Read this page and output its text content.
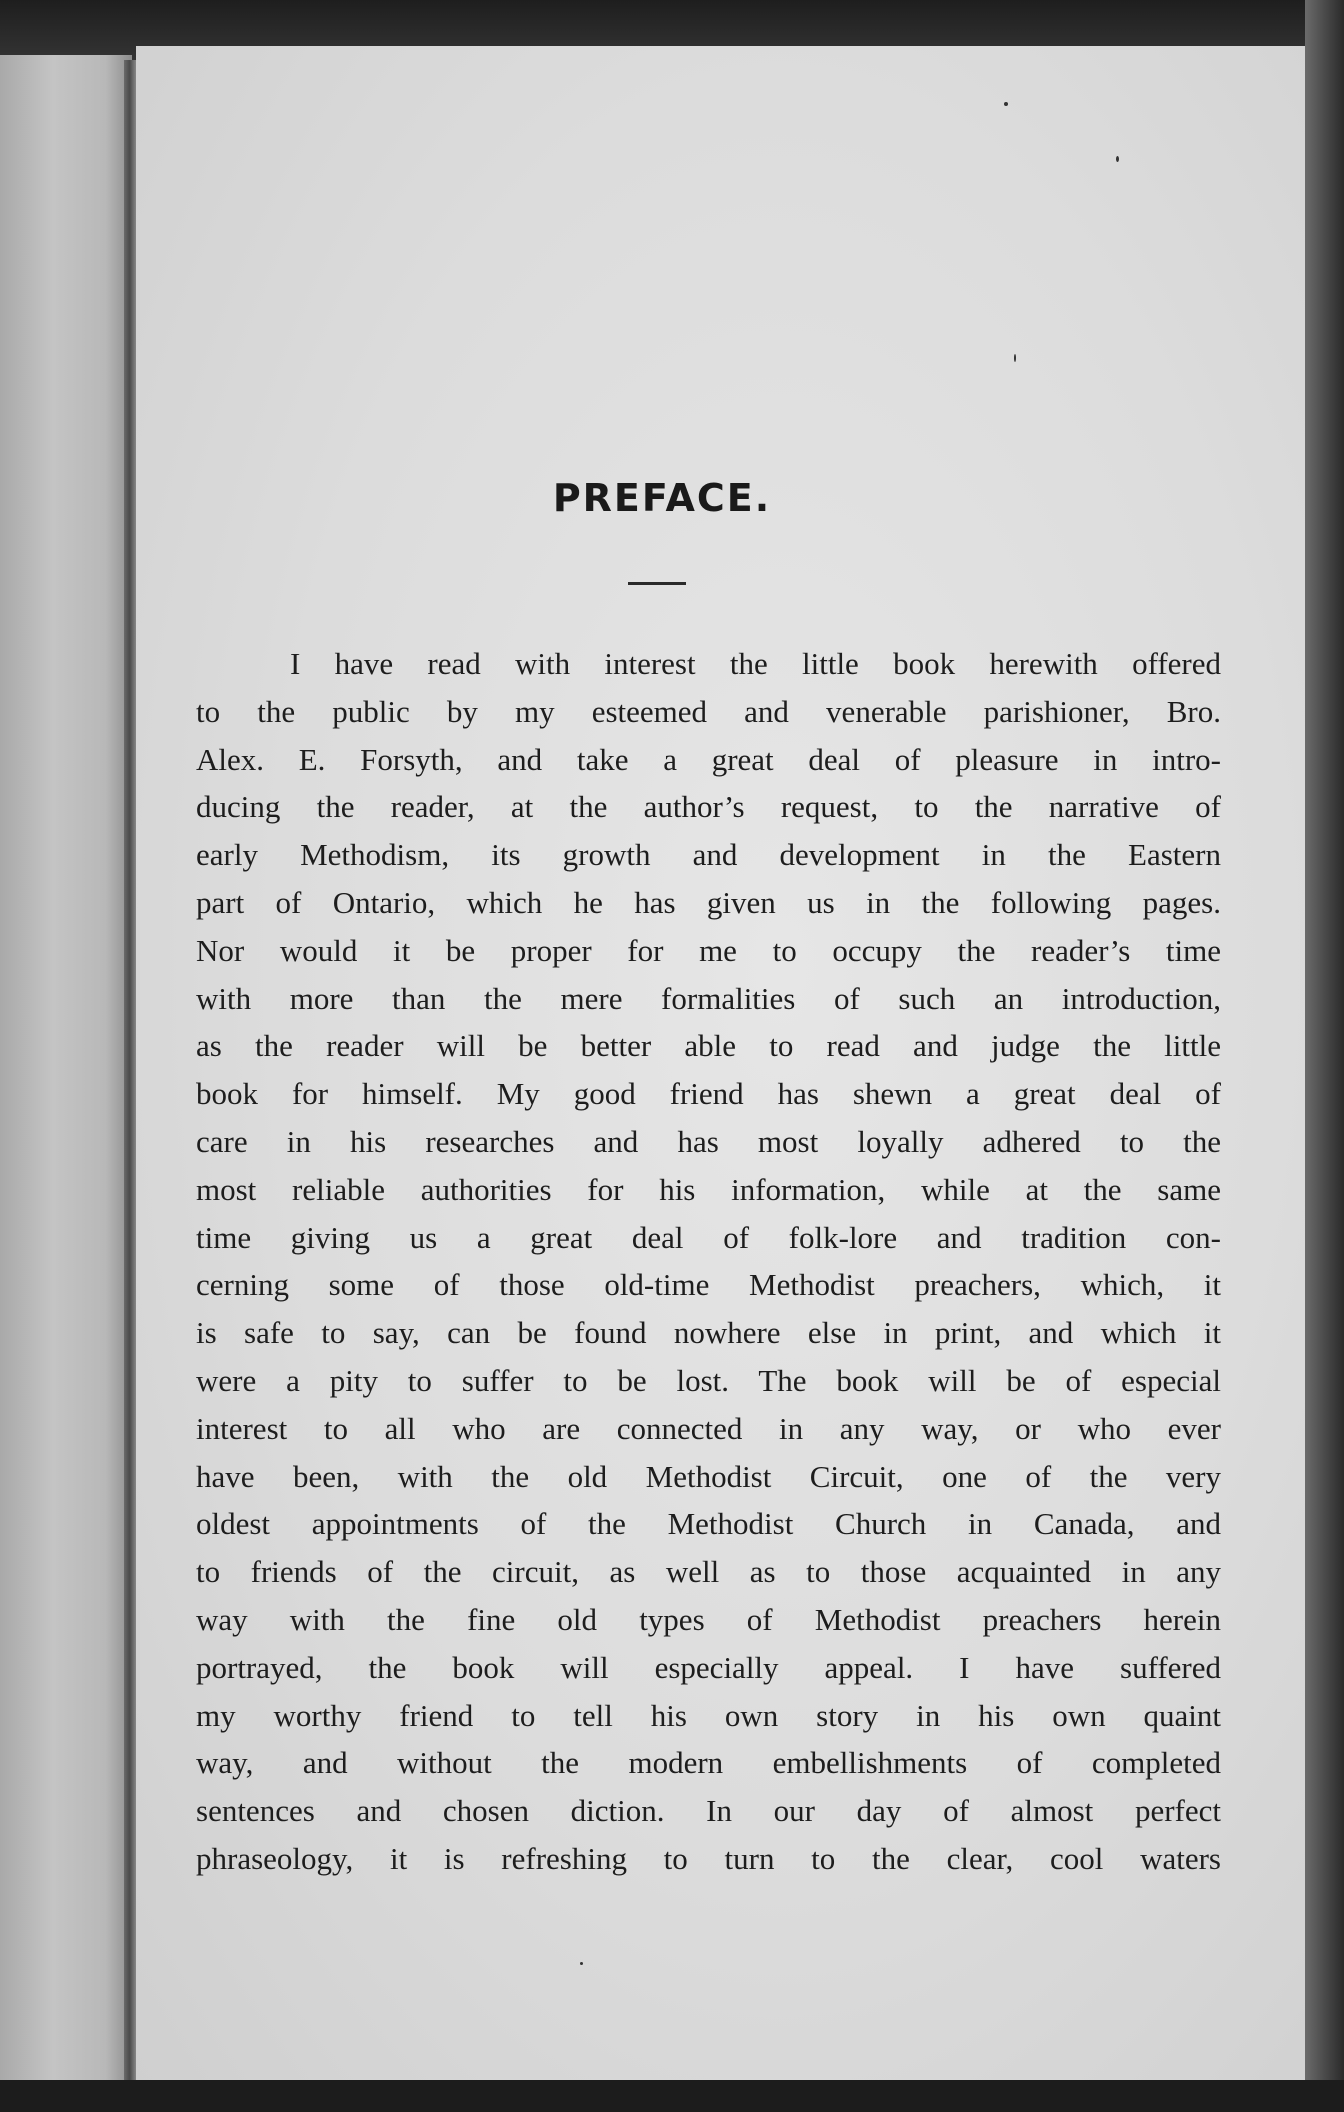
PREFACE.
I have read with interest the little book herewith offered
to the public by my esteemed and venerable parishioner, Bro.
Alex. E. Forsyth, and take a great deal of pleasure in intro-
ducing the reader, at the author’s request, to the narrative of
early Methodism, its growth and development in the Eastern
part of Ontario, which he has given us in the following pages.
Nor would it be proper for me to occupy the reader’s time
with more than the mere formalities of such an introduction,
as the reader will be better able to read and judge the little
book for himself. My good friend has shewn a great deal of
care in his researches and has most loyally adhered to the
most reliable authorities for his information, while at the same
time giving us a great deal of folk-lore and tradition con-
cerning some of those old-time Methodist preachers, which, it
is safe to say, can be found nowhere else in print, and which it
were a pity to suffer to be lost. The book will be of especial
interest to all who are connected in any way, or who ever
have been, with the old Methodist Circuit, one of the very
oldest appointments of the Methodist Church in Canada, and
to friends of the circuit, as well as to those acquainted in any
way with the fine old types of Methodist preachers herein
portrayed, the book will especially appeal. I have suffered
my worthy friend to tell his own story in his own quaint
way, and without the modern embellishments of completed
sentences and chosen diction. In our day of almost perfect
phraseology, it is refreshing to turn to the clear, cool waters
